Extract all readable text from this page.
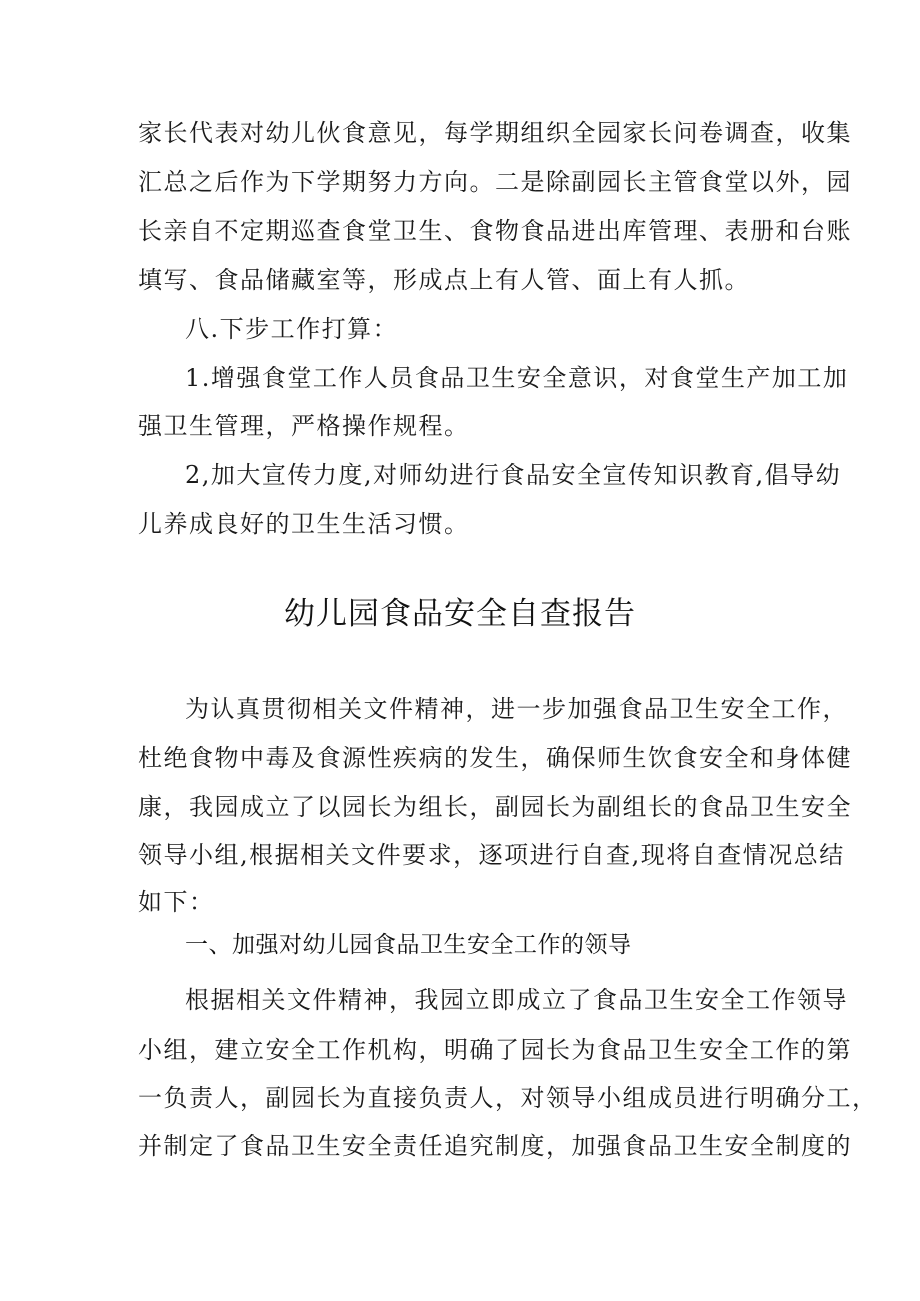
家长代表对幼儿伙食意见，每学期组织全园家长问卷调查，收集
汇总之后作为下学期努力方向。二是除副园长主管食堂以外，园
长亲自不定期巡查食堂卫生、食物食品进出库管理、表册和台账
填写、食品储藏室等，形成点上有人管、面上有人抓。
八.下步工作打算：
1.增强食堂工作人员食品卫生安全意识，对食堂生产加工加
强卫生管理，严格操作规程。
2,加大宣传力度,对师幼进行食品安全宣传知识教育,倡导幼
儿养成良好的卫生生活习惯。
幼儿园食品安全自查报告
为认真贯彻相关文件精神，进一步加强食品卫生安全工作，
杜绝食物中毒及食源性疾病的发生，确保师生饮食安全和身体健
康，我园成立了以园长为组长，副园长为副组长的食品卫生安全
领导小组,根据相关文件要求，逐项进行自查,现将自查情况总结
如下：
一、加强对幼儿园食品卫生安全工作的领导
根据相关文件精神，我园立即成立了食品卫生安全工作领导
小组，建立安全工作机构，明确了园长为食品卫生安全工作的第
一负责人，副园长为直接负责人，对领导小组成员进行明确分工，
并制定了食品卫生安全责任追究制度，加强食品卫生安全制度的
